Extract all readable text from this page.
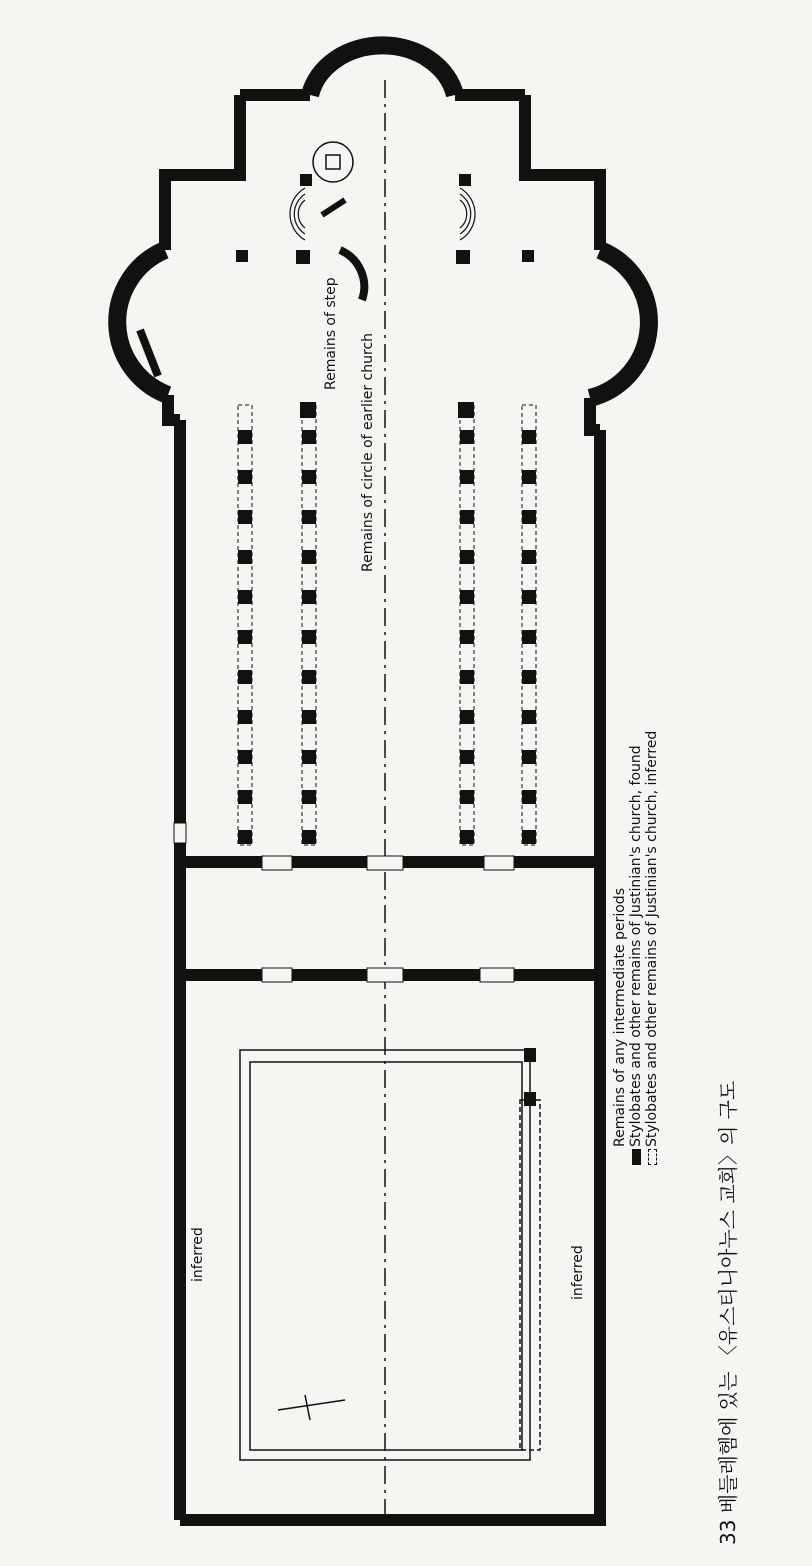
Remains of step Remains of circle of earlier church
inferred	inferred
Remains of any intermediate periods Stylobates and other remains of Justinian's church, found Stylobates and other remains of Justinian's church, inferred
33 베들레헴에 있는 〈유스티니아누스 교회〉의 구도
